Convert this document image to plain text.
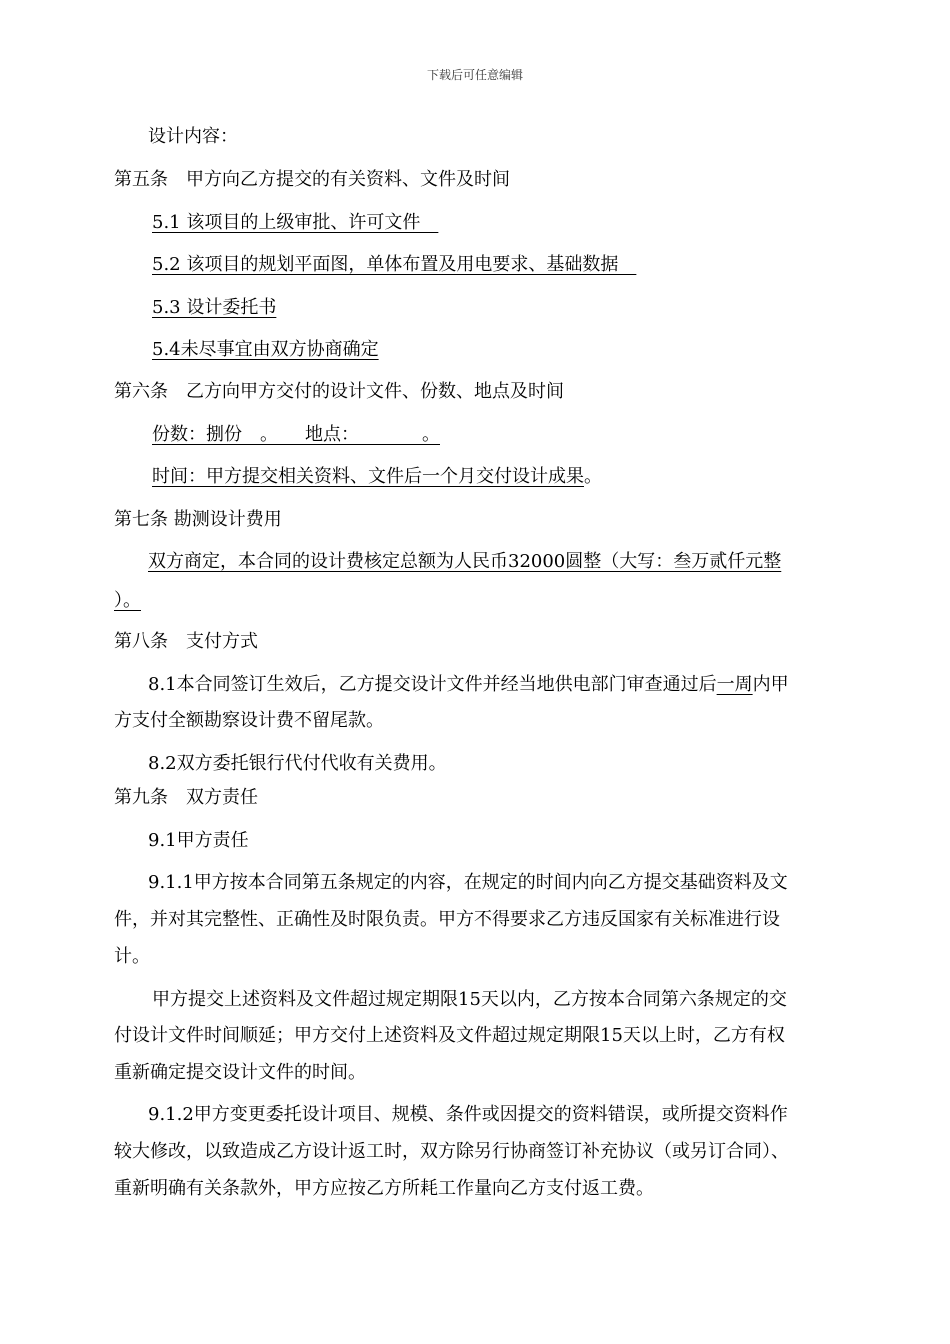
下载后可任意编辑
设计内容：
第五条　甲方向乙方提交的有关资料、文件及时间
5.1 该项目的上级审批、许可文件　
5.2 该项目的规划平面图，单体布置及用电要求、基础数据　
5.3 设计委托书
5.4未尽事宜由双方协商确定
第六条　乙方向甲方交付的设计文件、份数、地点及时间
份数：捌份　。　　地点：　　　　。
时间：甲方提交相关资料、文件后一个月交付设计成果。
第七条 勘测设计费用
双方商定，本合同的设计费核定总额为人民币32000圆整（大写：叁万贰仟元整
）。
第八条　支付方式
8.1本合同签订生效后，乙方提交设计文件并经当地供电部门审查通过后一周内甲
方支付全额勘察设计费不留尾款。
8.2双方委托银行代付代收有关费用。
第九条　双方责任
9.1甲方责任
9.1.1甲方按本合同第五条规定的内容，在规定的时间内向乙方提交基础资料及文
件，并对其完整性、正确性及时限负责。甲方不得要求乙方违反国家有关标准进行设
计。
甲方提交上述资料及文件超过规定期限15天以内，乙方按本合同第六条规定的交
付设计文件时间顺延；甲方交付上述资料及文件超过规定期限15天以上时，乙方有权
重新确定提交设计文件的时间。
9.1.2甲方变更委托设计项目、规模、条件或因提交的资料错误，或所提交资料作
较大修改，以致造成乙方设计返工时，双方除另行协商签订补充协议（或另订合同）、
重新明确有关条款外，甲方应按乙方所耗工作量向乙方支付返工费。
